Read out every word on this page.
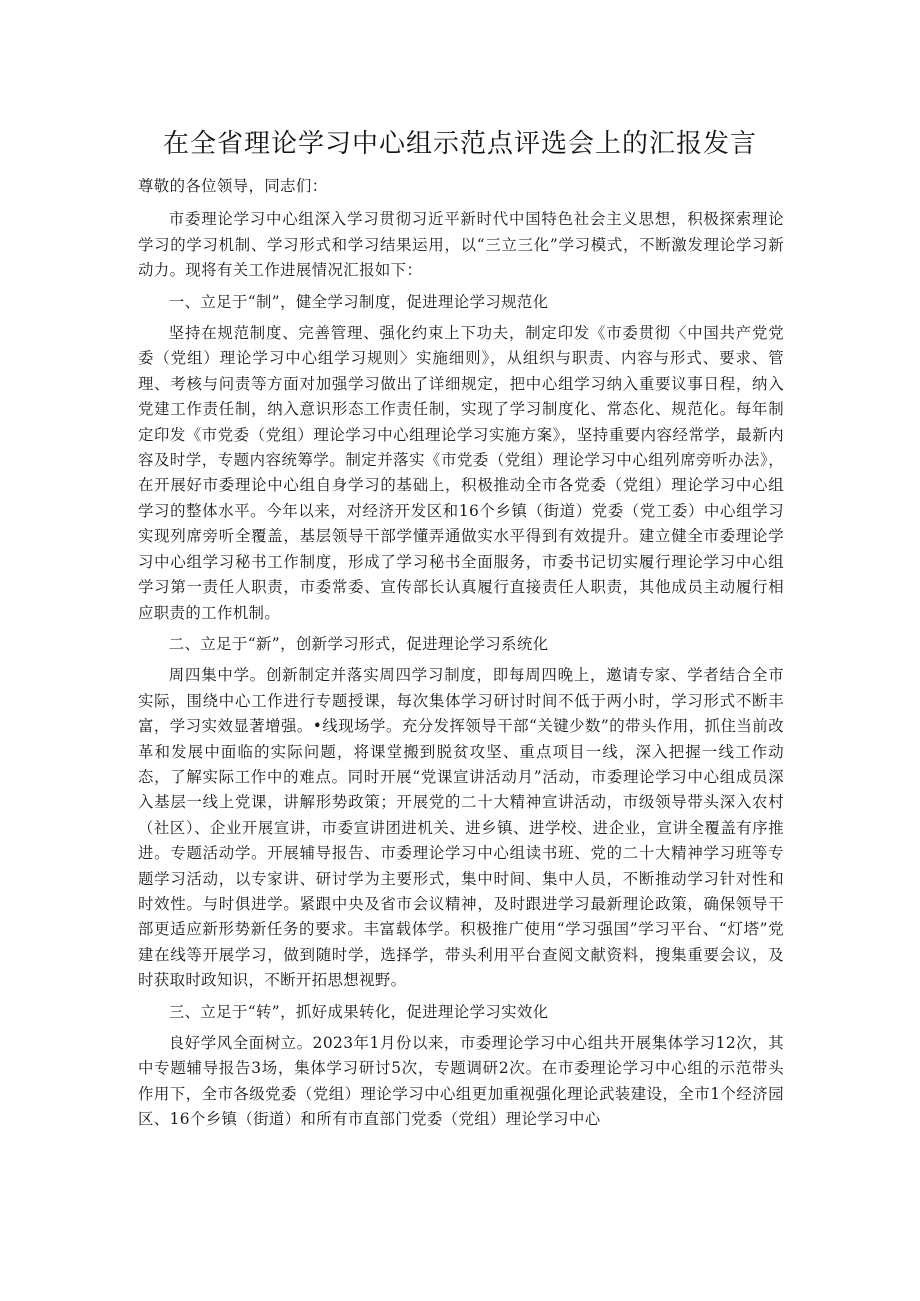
在全省理论学习中心组示范点评选会上的汇报发言

尊敬的各位领导，同志们：

市委理论学习中心组深入学习贯彻习近平新时代中国特色社会主义思想，积极探索理论学习的学习机制、学习形式和学习结果运用，以“三立三化”学习模式，不断激发理论学习新动力。现将有关工作进展情况汇报如下：

一、立足于“制”，健全学习制度，促进理论学习规范化

坚持在规范制度、完善管理、强化约束上下功夫，制定印发《市委贯彻〈中国共产党党委（党组）理论学习中心组学习规则〉实施细则》，从组织与职责、内容与形式、要求、管理、考核与问责等方面对加强学习做出了详细规定，把中心组学习纳入重要议事日程，纳入党建工作责任制，纳入意识形态工作责任制，实现了学习制度化、常态化、规范化。每年制定印发《市党委（党组）理论学习中心组理论学习实施方案》，坚持重要内容经常学，最新内容及时学，专题内容统筹学。制定并落实《市党委（党组）理论学习中心组列席旁听办法》，在开展好市委理论中心组自身学习的基础上，积极推动全市各党委（党组）理论学习中心组学习的整体水平。今年以来，对经济开发区和16个乡镇（街道）党委（党工委）中心组学习实现列席旁听全覆盖，基层领导干部学懂弄通做实水平得到有效提升。建立健全市委理论学习中心组学习秘书工作制度，形成了学习秘书全面服务，市委书记切实履行理论学习中心组学习第一责任人职责，市委常委、宣传部长认真履行直接责任人职责，其他成员主动履行相应职责的工作机制。

二、立足于“新”，创新学习形式，促进理论学习系统化

周四集中学。创新制定并落实周四学习制度，即每周四晚上，邀请专家、学者结合全市实际，围绕中心工作进行专题授课，每次集体学习研讨时间不低于两小时，学习形式不断丰富，学习实效显著增强。•线现场学。充分发挥领导干部“关键少数”的带头作用，抓住当前改革和发展中面临的实际问题，将课堂搬到脱贫攻坚、重点项目一线，深入把握一线工作动态，了解实际工作中的难点。同时开展“党课宣讲活动月”活动，市委理论学习中心组成员深入基层一线上党课，讲解形势政策；开展党的二十大精神宣讲活动，市级领导带头深入农村（社区）、企业开展宣讲，市委宣讲团进机关、进乡镇、进学校、进企业，宣讲全覆盖有序推进。专题活动学。开展辅导报告、市委理论学习中心组读书班、党的二十大精神学习班等专题学习活动，以专家讲、研讨学为主要形式，集中时间、集中人员，不断推动学习针对性和时效性。与时俱进学。紧跟中央及省市会议精神，及时跟进学习最新理论政策，确保领导干部更适应新形势新任务的要求。丰富载体学。积极推广使用“学习强国”学习平台、“灯塔”党建在线等开展学习，做到随时学，选择学，带头利用平台查阅文献资料，搜集重要会议，及时获取时政知识，不断开拓思想视野。

三、立足于“转”，抓好成果转化，促进理论学习实效化

良好学风全面树立。2023年1月份以来，市委理论学习中心组共开展集体学习12次，其中专题辅导报告3场，集体学习研讨5次，专题调研2次。在市委理论学习中心组的示范带头作用下，全市各级党委（党组）理论学习中心组更加重视强化理论武装建设，全市1个经济园区、16个乡镇（街道）和所有市直部门党委（党组）理论学习中心
